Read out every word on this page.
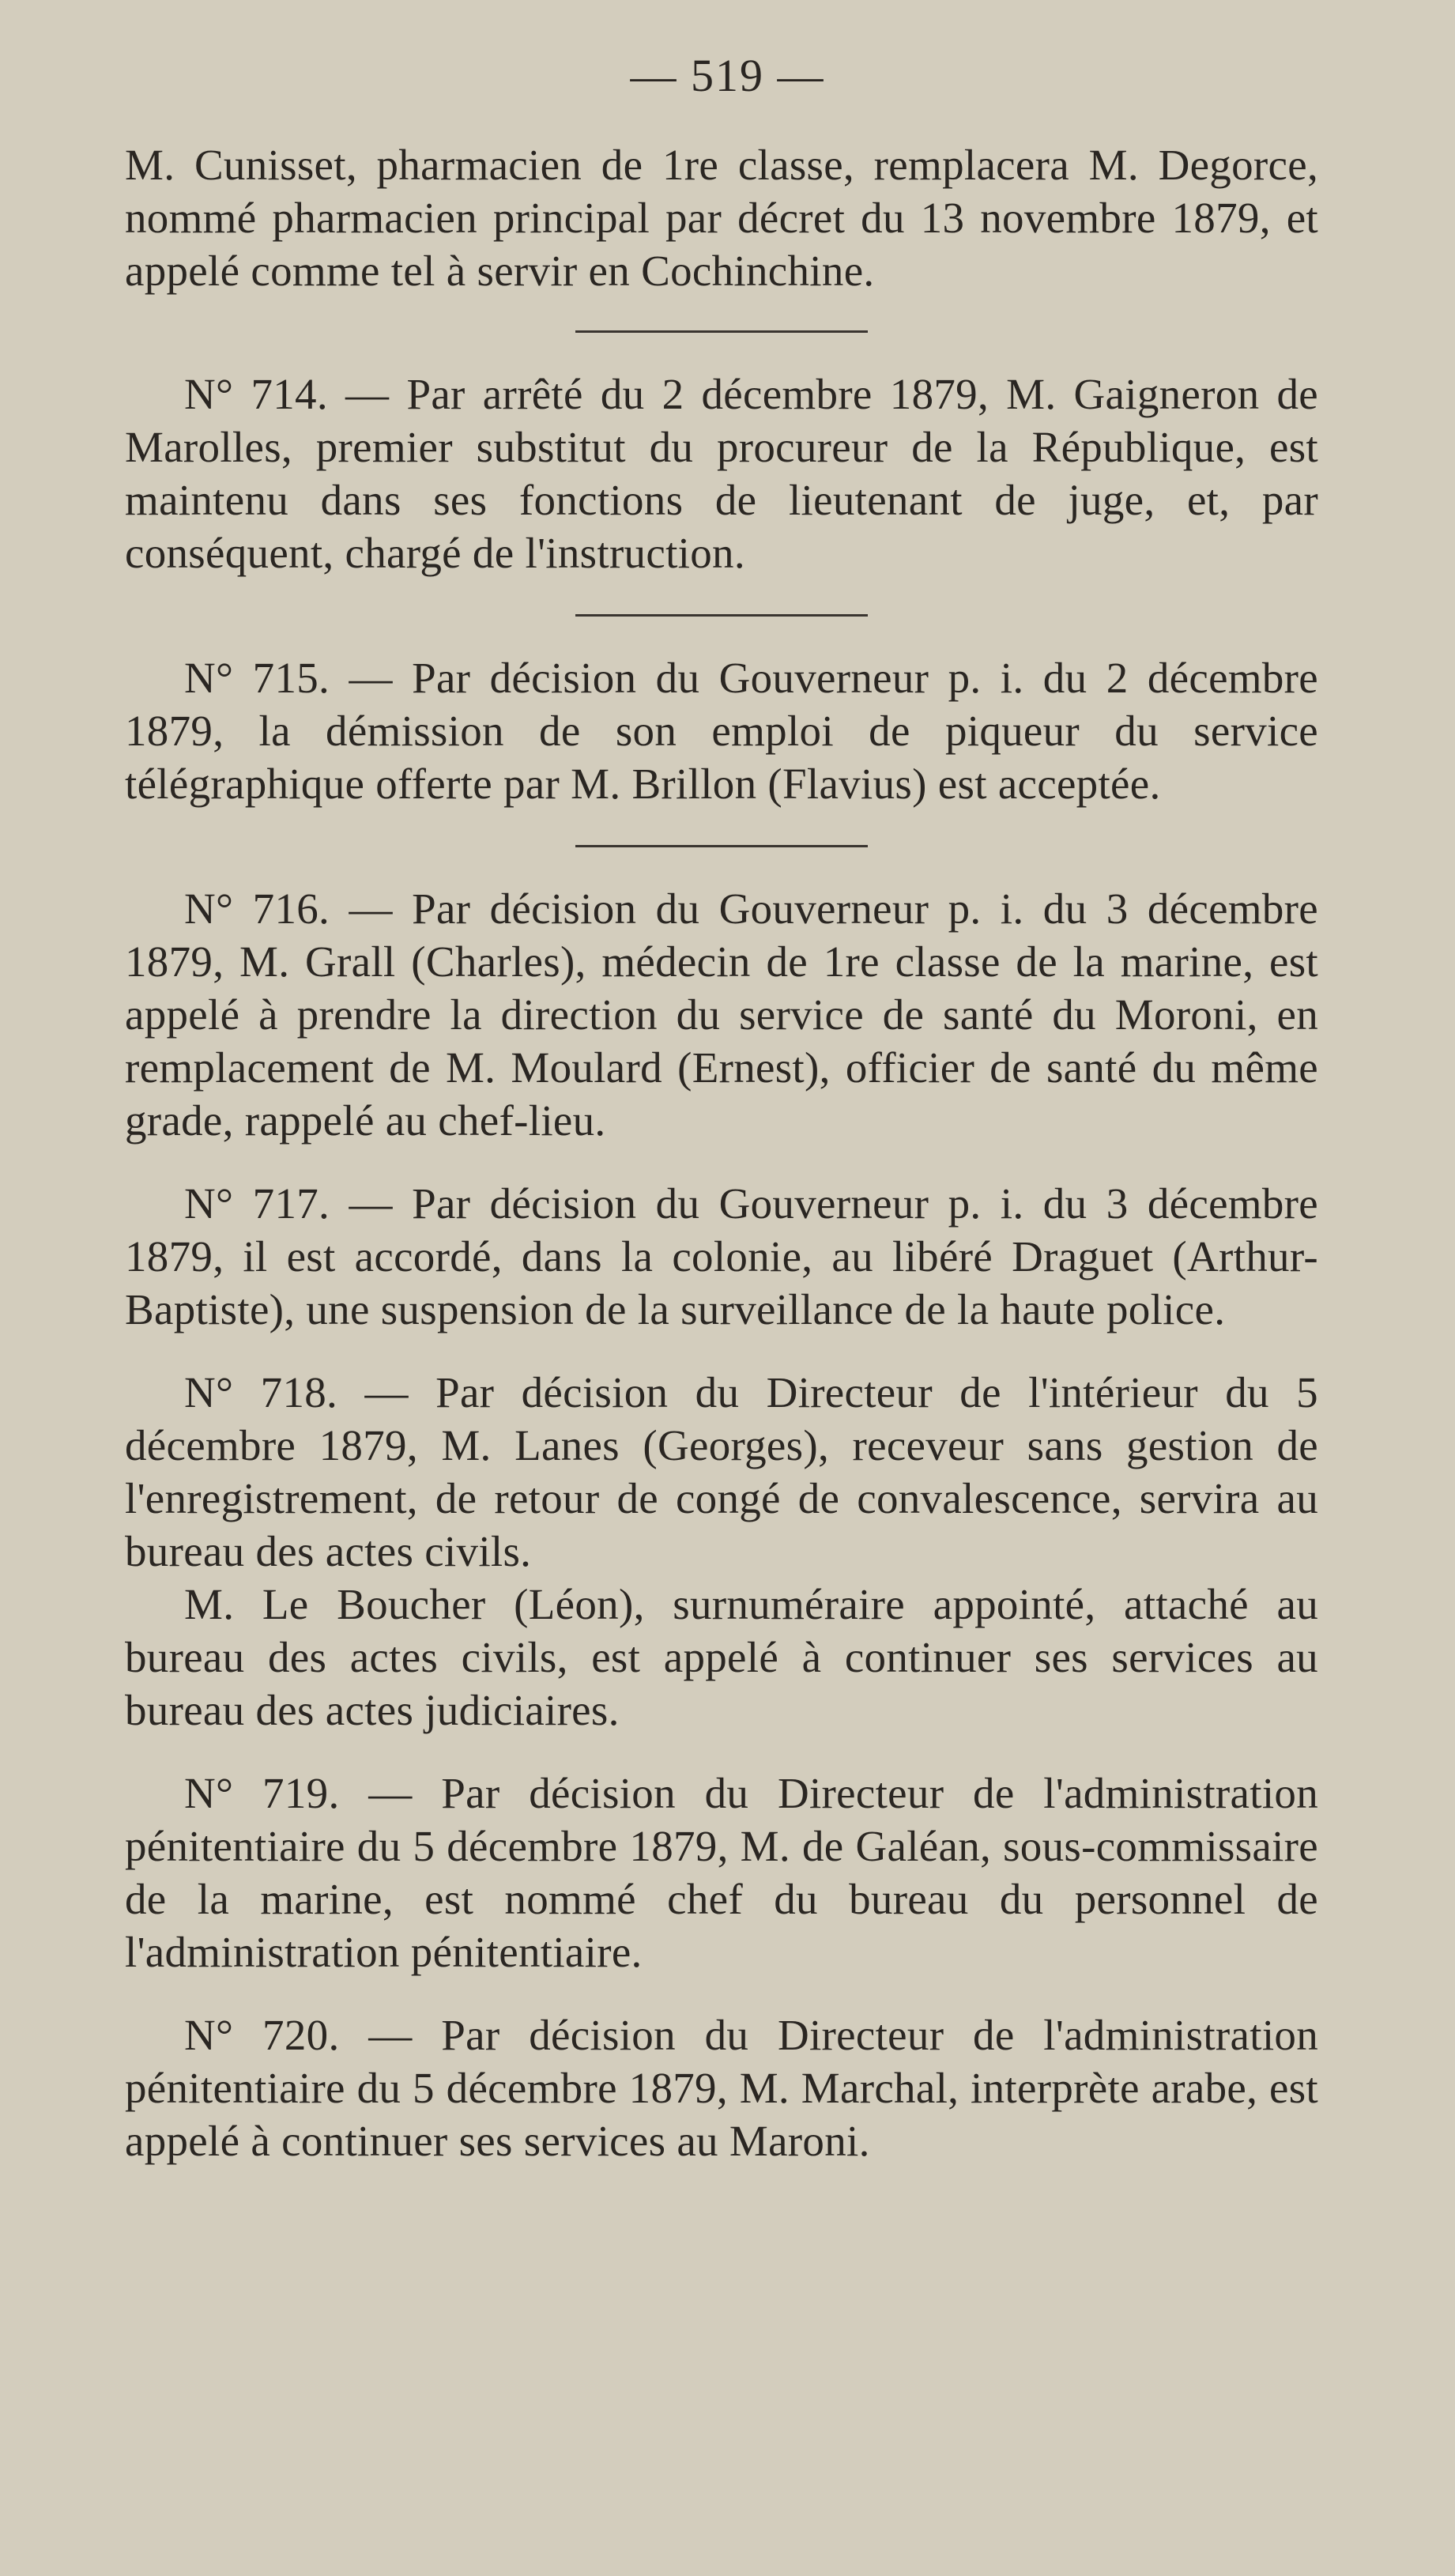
— 519 —

M. Cunisset, pharmacien de 1re classe, remplacera M. Degorce, nommé pharmacien principal par décret du 13 novembre 1879, et appelé comme tel à servir en Cochinchine.

N° 714. — Par arrêté du 2 décembre 1879, M. Gaigneron de Marolles, premier substitut du procureur de la République, est maintenu dans ses fonctions de lieutenant de juge, et, par conséquent, chargé de l'instruction.

N° 715. — Par décision du Gouverneur p. i. du 2 décembre 1879, la démission de son emploi de piqueur du service télégraphique offerte par M. Brillon (Flavius) est acceptée.

N° 716. — Par décision du Gouverneur p. i. du 3 décembre 1879, M. Grall (Charles), médecin de 1re classe de la marine, est appelé à prendre la direction du service de santé du Moroni, en remplacement de M. Moulard (Ernest), officier de santé du même grade, rappelé au chef-lieu.

N° 717. — Par décision du Gouverneur p. i. du 3 décembre 1879, il est accordé, dans la colonie, au libéré Draguet (Arthur-Baptiste), une suspension de la surveillance de la haute police.

N° 718. — Par décision du Directeur de l'intérieur du 5 décembre 1879, M. Lanes (Georges), receveur sans gestion de l'enregistrement, de retour de congé de convalescence, servira au bureau des actes civils.

M. Le Boucher (Léon), surnuméraire appointé, attaché au bureau des actes civils, est appelé à continuer ses services au bureau des actes judiciaires.

N° 719. — Par décision du Directeur de l'administration pénitentiaire du 5 décembre 1879, M. de Galéan, sous-commissaire de la marine, est nommé chef du bureau du personnel de l'administration pénitentiaire.

N° 720. — Par décision du Directeur de l'administration pénitentiaire du 5 décembre 1879, M. Marchal, interprète arabe, est appelé à continuer ses services au Maroni.
